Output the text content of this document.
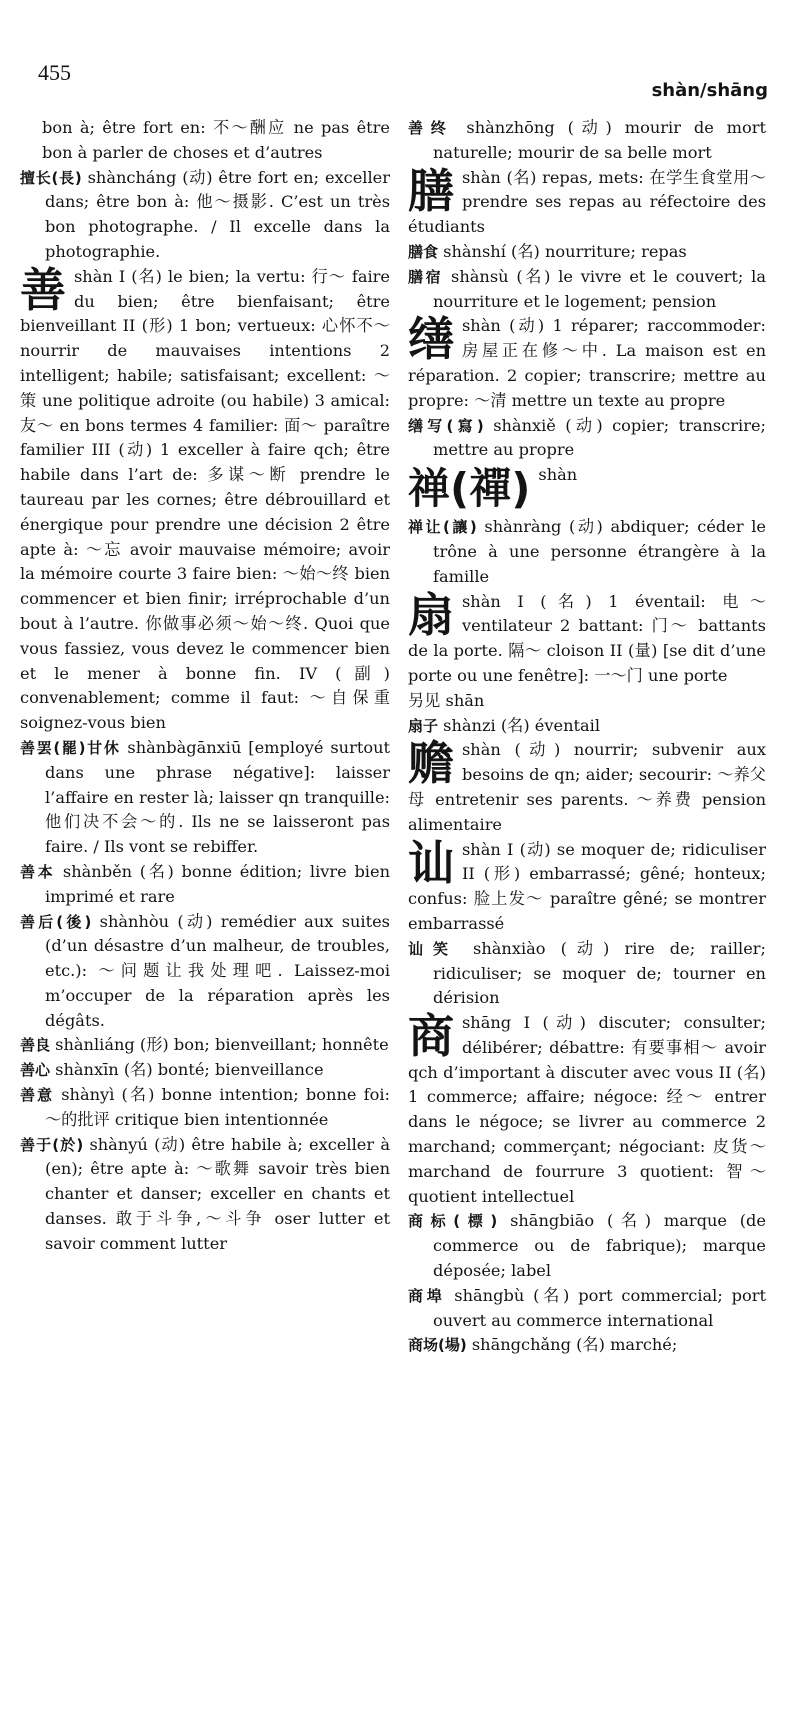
455
shàn/shāng
bon à; être fort en: 不～酬应 ne pas être bon à parler de choses et d’autres
擅长(長) shàncháng (动) être fort en; exceller dans; être bon à: 他～摄影. C’est un très bon photographe. / Il excelle dans la photographie.
善shàn I (名) le bien; la vertu: 行～ faire du bien; être bienfaisant; être bienveillant II (形) 1 bon; vertueux: 心怀不～ nourrir de mauvaises intentions 2 intelligent; habile; satisfaisant; excellent: ～策 une politique adroite (ou habile) 3 amical: 友～ en bons termes 4 familier: 面～ paraître familier III (动) 1 exceller à faire qch; être habile dans l’art de: 多谋～断 prendre le taureau par les cornes; être débrouillard et énergique pour prendre une décision 2 être apte à: ～忘 avoir mauvaise mémoire; avoir la mémoire courte 3 faire bien: ～始～终 bien commencer et bien finir; irréprochable d’un bout à l’autre. 你做事必须～始～终. Quoi que vous fassiez, vous devez le commencer bien et le mener à bonne fin. IV (副) convenablement; comme il faut: ～自保重 soignez-vous bien
善罢(罷)甘休 shànbàgānxiū [employé surtout dans une phrase négative]: laisser l’affaire en rester là; laisser qn tranquille: 他们决不会～的. Ils ne se laisseront pas faire. / Ils vont se rebiffer.
善本 shànběn (名) bonne édition; livre bien imprimé et rare
善后(後) shànhòu (动) remédier aux suites (d’un désastre d’un malheur, de troubles, etc.): ～问题让我处理吧. Laissez-moi m’occuper de la réparation après les dégâts.
善良 shànliáng (形) bon; bienveillant; honnête
善心 shànxīn (名) bonté; bienveillance
善意 shànyì (名) bonne intention; bonne foi: ～的批评 critique bien intentionnée
善于(於) shànyú (动) être habile à; exceller à (en); être apte à: ～歌舞 savoir très bien chanter et danser; exceller en chants et danses. 敢于斗争,～斗争 oser lutter et savoir comment lutter
善终 shànzhōng (动) mourir de mort naturelle; mourir de sa belle mort
膳shàn (名) repas, mets: 在学生食堂用～ prendre ses repas au réfectoire des étudiants
膳食 shànshí (名) nourriture; repas
膳宿 shànsù (名) le vivre et le couvert; la nourriture et le logement; pension
缮shàn (动) 1 réparer; raccommoder: 房屋正在修～中. La maison est en réparation. 2 copier; transcrire; mettre au propre: ～清 mettre un texte au propre
缮写(寫) shànxiě (动) copier; transcrire; mettre au propre
禅(禪) shàn
禅让(讓) shànràng (动) abdiquer; céder le trône à une personne étrangère à la famille
扇shàn I (名) 1 éventail: 电～ ventilateur 2 battant: 门～ battants de la porte. 隔～ cloison II (量) [se dit d’une porte ou une fenêtre]: 一～门 une porte
另见 shān
扇子 shànzi (名) éventail
赡shàn (动) nourrir; subvenir aux besoins de qn; aider; secourir: ～养父母 entretenir ses parents. ～养费 pension alimentaire
讪shàn I (动) se moquer de; ridiculiser II (形) embarrassé; gêné; honteux; confus: 脸上发～ paraître gêné; se montrer embarrassé
讪笑 shànxiào (动) rire de; railler; ridiculiser; se moquer de; tourner en dérision
商shāng I (动) discuter; consulter; délibérer; débattre: 有要事相～ avoir qch d’important à discuter avec vous II (名) 1 commerce; affaire; négoce: 经～ entrer dans le négoce; se livrer au commerce 2 marchand; commerçant; négociant: 皮货～ marchand de fourrure 3 quotient: 智～ quotient intellectuel
商标(標) shāngbiāo (名) marque (de commerce ou de fabrique); marque déposée; label
商埠 shāngbù (名) port commercial; port ouvert au commerce international
商场(場) shāngchǎng (名) marché;
